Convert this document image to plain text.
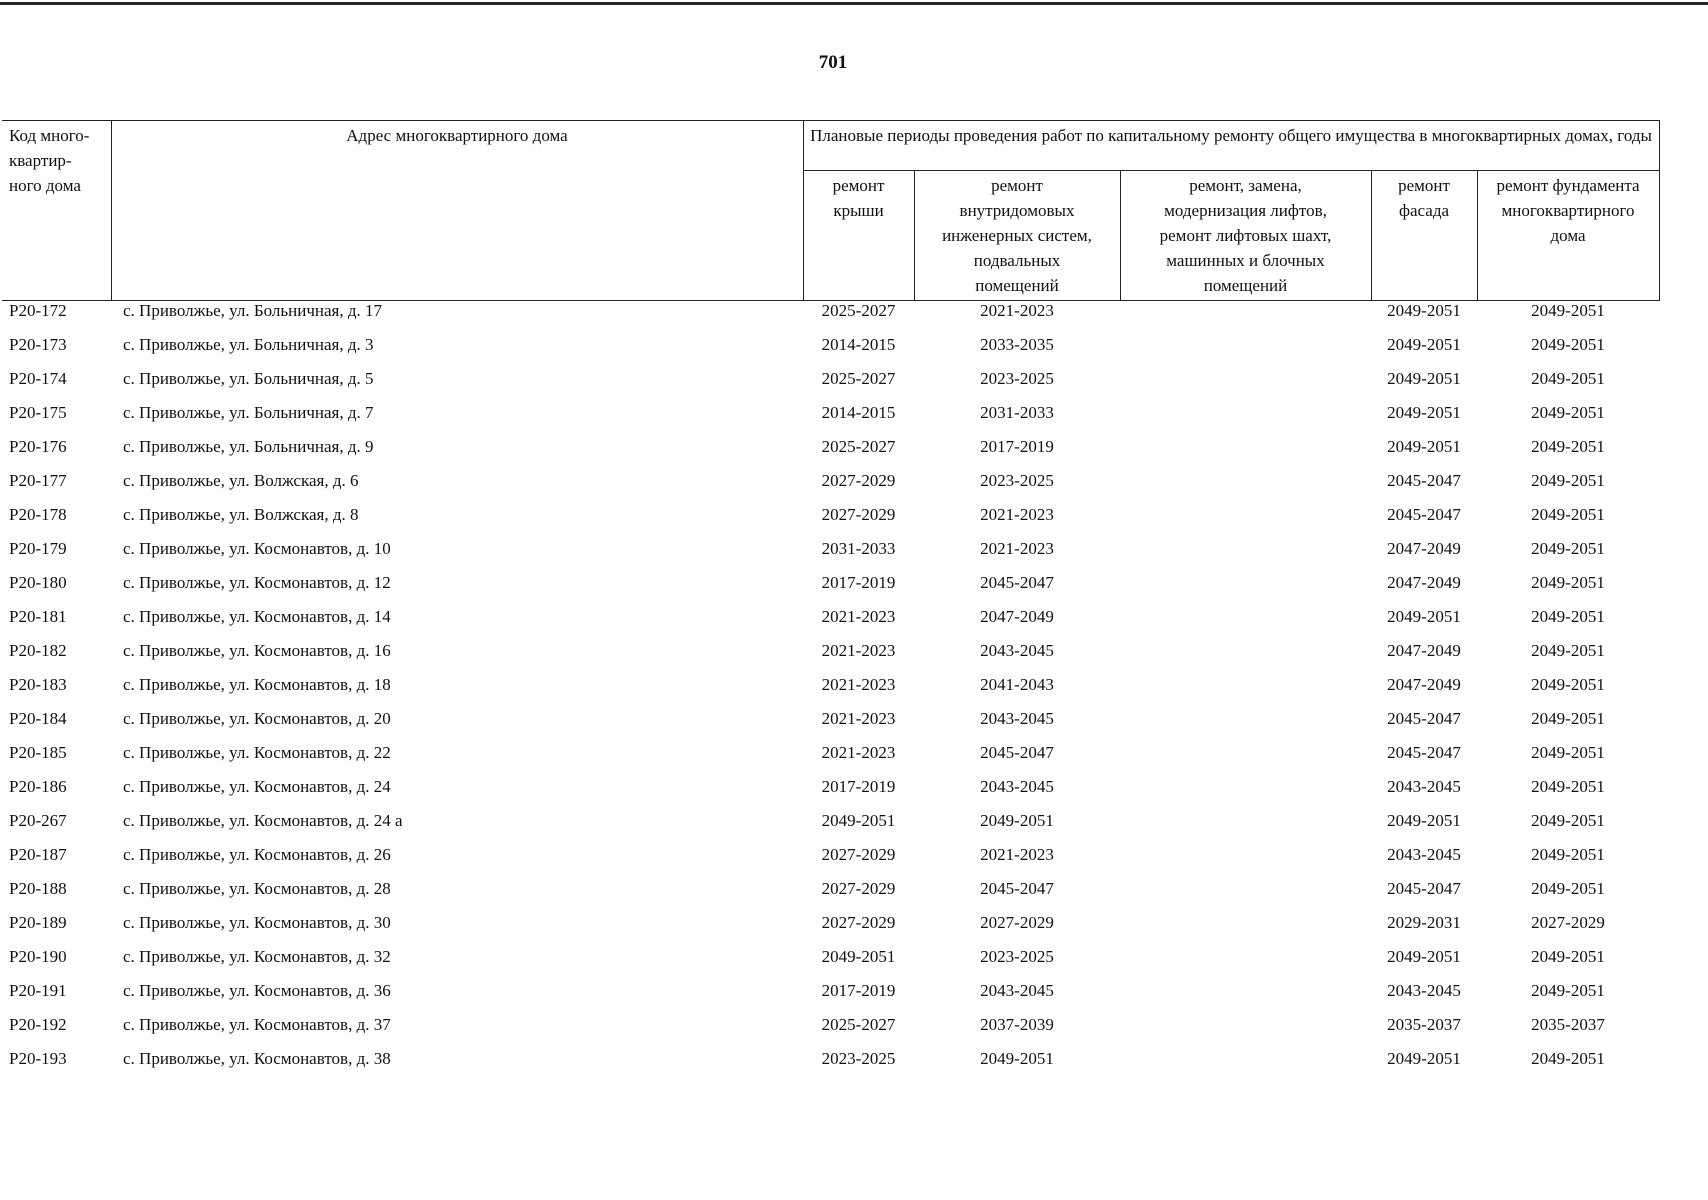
701
Код много-
квартир-
ного дома	Адрес многоквартирного дома	Плановые периоды проведения работ по капитальному ремонту общего имущества в многоквартирных домах, годы				

		ремонт
крыши	ремонт
внутридомовых
инженерных систем,
подвальных
помещений	ремонт, замена,
модернизация лифтов,
ремонт лифтовых шахт,
машинных и блочных
помещений	ремонт
фасада	ремонт фундамента
многоквартирного
дома
P20-172	с. Приволжье, ул. Больничная, д. 17	2025-2027	2021-2023		2049-2051	2049-2051
P20-173	с. Приволжье, ул. Больничная, д. 3	2014-2015	2033-2035		2049-2051	2049-2051
P20-174	с. Приволжье, ул. Больничная, д. 5	2025-2027	2023-2025		2049-2051	2049-2051
P20-175	с. Приволжье, ул. Больничная, д. 7	2014-2015	2031-2033		2049-2051	2049-2051
P20-176	с. Приволжье, ул. Больничная, д. 9	2025-2027	2017-2019		2049-2051	2049-2051
P20-177	с. Приволжье, ул. Волжская, д. 6	2027-2029	2023-2025		2045-2047	2049-2051
P20-178	с. Приволжье, ул. Волжская, д. 8	2027-2029	2021-2023		2045-2047	2049-2051
P20-179	с. Приволжье, ул. Космонавтов, д. 10	2031-2033	2021-2023		2047-2049	2049-2051
P20-180	с. Приволжье, ул. Космонавтов, д. 12	2017-2019	2045-2047		2047-2049	2049-2051
P20-181	с. Приволжье, ул. Космонавтов, д. 14	2021-2023	2047-2049		2049-2051	2049-2051
P20-182	с. Приволжье, ул. Космонавтов, д. 16	2021-2023	2043-2045		2047-2049	2049-2051
P20-183	с. Приволжье, ул. Космонавтов, д. 18	2021-2023	2041-2043		2047-2049	2049-2051
P20-184	с. Приволжье, ул. Космонавтов, д. 20	2021-2023	2043-2045		2045-2047	2049-2051
P20-185	с. Приволжье, ул. Космонавтов, д. 22	2021-2023	2045-2047		2045-2047	2049-2051
P20-186	с. Приволжье, ул. Космонавтов, д. 24	2017-2019	2043-2045		2043-2045	2049-2051
P20-267	с. Приволжье, ул. Космонавтов, д. 24 а	2049-2051	2049-2051		2049-2051	2049-2051
P20-187	с. Приволжье, ул. Космонавтов, д. 26	2027-2029	2021-2023		2043-2045	2049-2051
P20-188	с. Приволжье, ул. Космонавтов, д. 28	2027-2029	2045-2047		2045-2047	2049-2051
P20-189	с. Приволжье, ул. Космонавтов, д. 30	2027-2029	2027-2029		2029-2031	2027-2029
P20-190	с. Приволжье, ул. Космонавтов, д. 32	2049-2051	2023-2025		2049-2051	2049-2051
P20-191	с. Приволжье, ул. Космонавтов, д. 36	2017-2019	2043-2045		2043-2045	2049-2051
P20-192	с. Приволжье, ул. Космонавтов, д. 37	2025-2027	2037-2039		2035-2037	2035-2037
P20-193	с. Приволжье, ул. Космонавтов, д. 38	2023-2025	2049-2051		2049-2051	2049-2051
